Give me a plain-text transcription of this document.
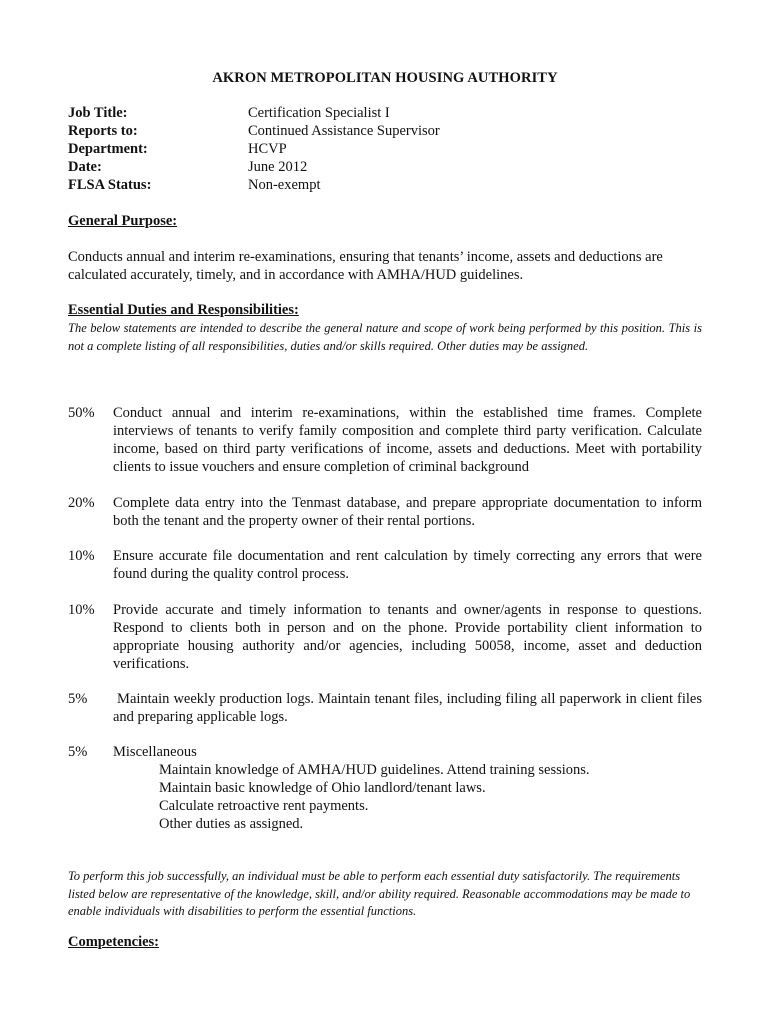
AKRON METROPOLITAN HOUSING AUTHORITY
Job Title:	Certification Specialist I
Reports to:	Continued Assistance Supervisor
Department:	HCVP
Date:	June 2012
FLSA Status:	Non-exempt
General Purpose:
Conducts annual and interim re-examinations, ensuring that tenants’ income, assets and deductions are calculated accurately, timely, and in accordance with AMHA/HUD guidelines.
Essential Duties and Responsibilities:
The below statements are intended to describe the general nature and scope of work being performed by this position. This is not a complete listing of all responsibilities, duties and/or skills required. Other duties may be assigned.
50%	Conduct annual and interim re-examinations, within the established time frames. Complete interviews of tenants to verify family composition and complete third party verification. Calculate income, based on third party verifications of income, assets and deductions. Meet with portability clients to issue vouchers and ensure completion of criminal background
20%	Complete data entry into the Tenmast database, and prepare appropriate documentation to inform both the tenant and the property owner of their rental portions.
10%	Ensure accurate file documentation and rent calculation by timely correcting any errors that were found during the quality control process.
10%	Provide accurate and timely information to tenants and owner/agents in response to questions. Respond to clients both in person and on the phone. Provide portability client information to appropriate housing authority and/or agencies, including 50058, income, asset and deduction verifications.
5%	Maintain weekly production logs. Maintain tenant files, including filing all paperwork in client files and preparing applicable logs.
5%	Miscellaneous
Maintain knowledge of AMHA/HUD guidelines. Attend training sessions.
Maintain basic knowledge of Ohio landlord/tenant laws.
Calculate retroactive rent payments.
Other duties as assigned.
To perform this job successfully, an individual must be able to perform each essential duty satisfactorily. The requirements listed below are representative of the knowledge, skill, and/or ability required. Reasonable accommodations may be made to enable individuals with disabilities to perform the essential functions.
Competencies:
